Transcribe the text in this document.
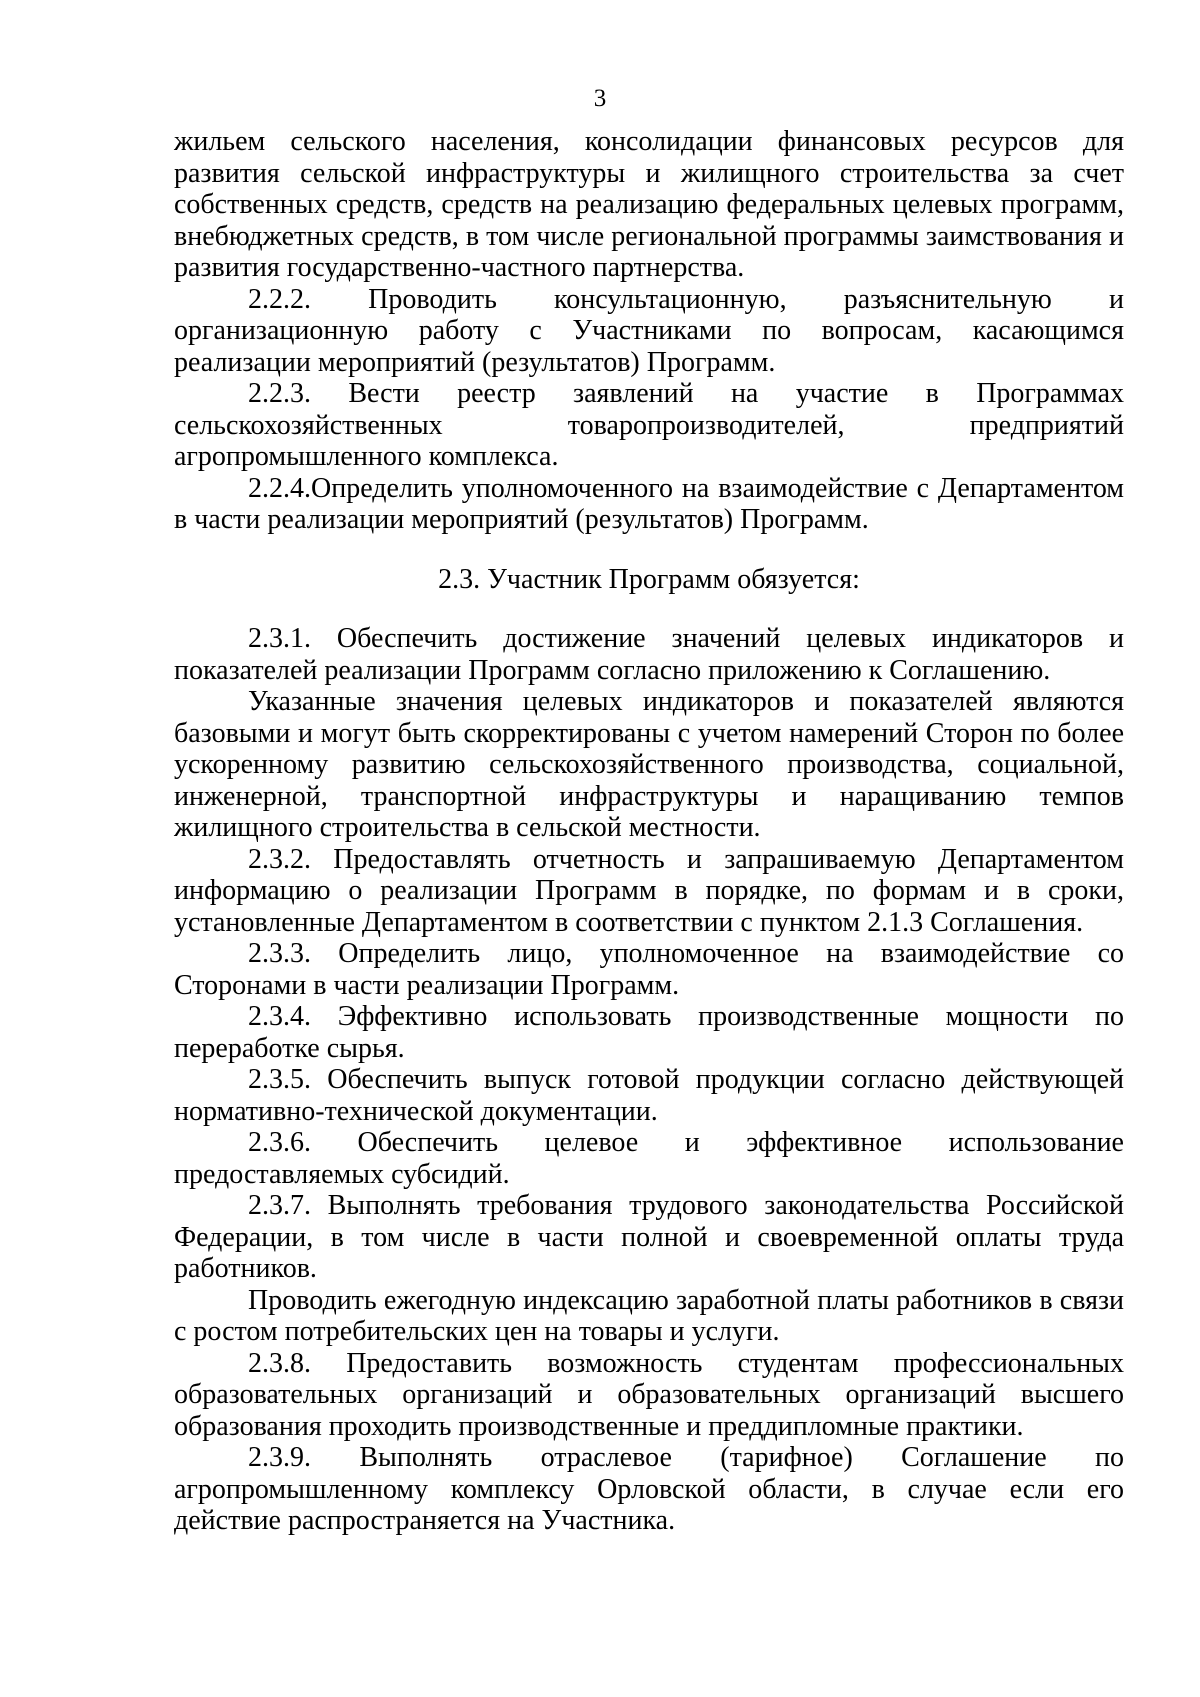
3

жильем сельского населения, консолидации финансовых ресурсов для развития сельской инфраструктуры и жилищного строительства за счет собственных средств, средств на реализацию федеральных целевых программ, внебюджетных средств, в том числе региональной программы заимствования и развития государственно-частного партнерства.

2.2.2. Проводить консультационную, разъяснительную и организационную работу с Участниками по вопросам, касающимся реализации мероприятий (результатов) Программ.

2.2.3. Вести реестр заявлений на участие в Программах сельскохозяйственных товаропроизводителей, предприятий агропромышленного комплекса.

2.2.4.Определить уполномоченного на взаимодействие с Департаментом в части реализации мероприятий (результатов) Программ.

2.3. Участник Программ обязуется:

2.3.1. Обеспечить достижение значений целевых индикаторов и показателей реализации Программ согласно приложению к Соглашению.

Указанные значения целевых индикаторов и показателей являются базовыми и могут быть скорректированы с учетом намерений Сторон по более ускоренному развитию сельскохозяйственного производства, социальной, инженерной, транспортной инфраструктуры и наращиванию темпов жилищного строительства в сельской местности.

2.3.2. Предоставлять отчетность и запрашиваемую Департаментом информацию о реализации Программ в порядке, по формам и в сроки, установленные Департаментом в соответствии с пунктом 2.1.3 Соглашения.

2.3.3. Определить лицо, уполномоченное на взаимодействие со Сторонами в части реализации Программ.

2.3.4. Эффективно использовать производственные мощности по переработке сырья.

2.3.5. Обеспечить выпуск готовой продукции согласно действующей нормативно-технической документации.

2.3.6. Обеспечить целевое и эффективное использование предоставляемых субсидий.

2.3.7. Выполнять требования трудового законодательства Российской Федерации, в том числе в части полной и своевременной оплаты труда работников.

Проводить ежегодную индексацию заработной платы работников в связи с ростом потребительских цен на товары и услуги.

2.3.8. Предоставить возможность студентам профессиональных образовательных организаций и образовательных организаций высшего образования проходить производственные и преддипломные практики.

2.3.9. Выполнять отраслевое (тарифное) Соглашение по агропромышленному комплексу Орловской области, в случае если его действие распространяется на Участника.
